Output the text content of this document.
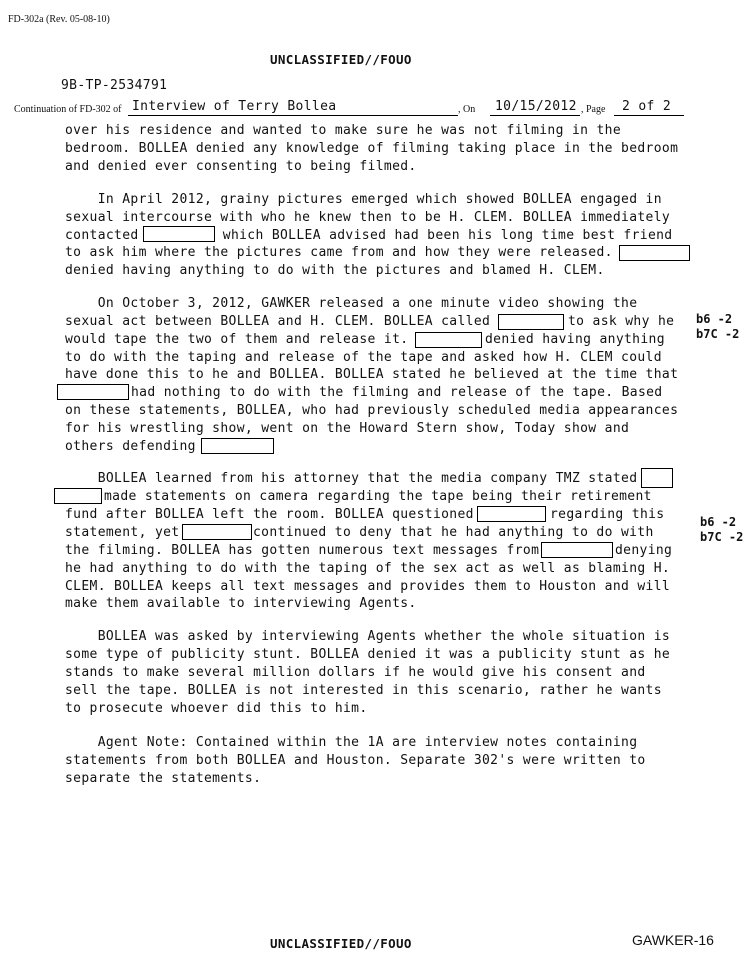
FD-302a (Rev. 05-08-10)
UNCLASSIFIED//FOUO
9B-TP-2534791
Continuation of FD-302 of Interview of Terry Bollea	, On 10/15/2012 , Page 2 of 2
over his residence and wanted to make sure he was not filming in the
bedroom. BOLLEA denied any knowledge of filming taking place in the bedroom
and denied ever consenting to being filmed.
In April 2012, grainy pictures emerged which showed BOLLEA engaged in
sexual intercourse with who he knew then to be H. CLEM. BOLLEA immediately
contacted	which BOLLEA advised had been his long time best friend
to ask him where the pictures came from and how they were released.
denied having anything to do with the pictures and blamed H. CLEM.
On October 3, 2012, GAWKER released a one minute video showing the
sexual act between BOLLEA and H. CLEM. BOLLEA called	to ask why he
would tape the two of them and release it.	denied having anything
to do with the taping and release of the tape and asked how H. CLEM could
have done this to he and BOLLEA. BOLLEA stated he believed at the time that
had nothing to do with the filming and release of the tape. Based
on these statements, BOLLEA, who had previously scheduled media appearances
for his wrestling show, went on the Howard Stern show, Today show and
others defending
b6 -2
b7C -2
BOLLEA learned from his attorney that the media company TMZ stated
made statements on camera regarding the tape being their retirement
fund after BOLLEA left the room. BOLLEA questioned	regarding this
statement, yet	continued to deny that he had anything to do with
the filming. BOLLEA has gotten numerous text messages from	denying
he had anything to do with the taping of the sex act as well as blaming H.
CLEM. BOLLEA keeps all text messages and provides them to Houston and will
make them available to interviewing Agents.
b6 -2
b7C -2
BOLLEA was asked by interviewing Agents whether the whole situation is
some type of publicity stunt. BOLLEA denied it was a publicity stunt as he
stands to make several million dollars if he would give his consent and
sell the tape. BOLLEA is not interested in this scenario, rather he wants
to prosecute whoever did this to him.
Agent Note: Contained within the 1A are interview notes containing
statements from both BOLLEA and Houston. Separate 302's were written to
separate the statements.
UNCLASSIFIED//FOUO	GAWKER-16
